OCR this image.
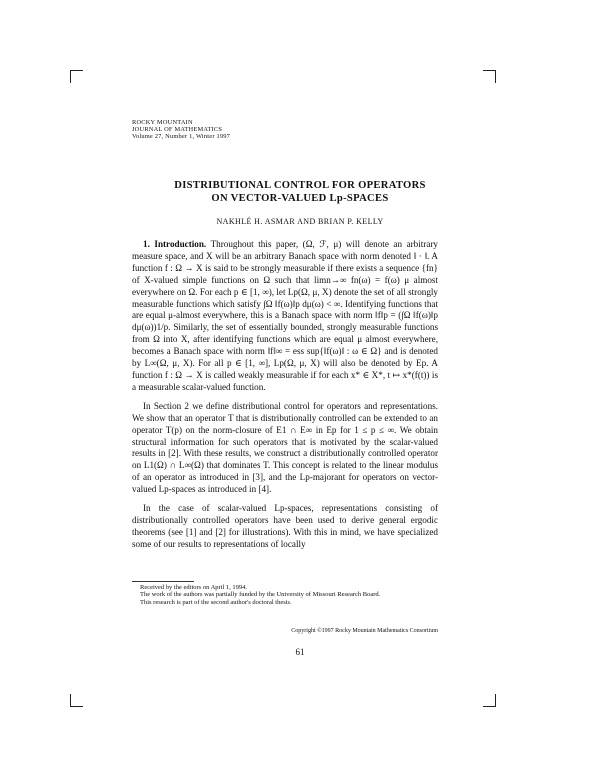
ROCKY MOUNTAIN
JOURNAL OF MATHEMATICS
Volume 27, Number 1, Winter 1997
DISTRIBUTIONAL CONTROL FOR OPERATORS
ON VECTOR-VALUED Lp-SPACES
NAKHLÉ H. ASMAR AND BRIAN P. KELLY

1. Introduction. Throughout this paper, (Ω, ℱ, μ) will denote an arbitrary measure space, and X will be an arbitrary Banach space with norm denoted ‖ · ‖. A function f : Ω → X is said to be strongly measurable if there exists a sequence {fn} of X-valued simple functions on Ω such that limn→∞ fn(ω) = f(ω) μ almost everywhere on Ω. For each p ∈ [1, ∞), let Lp(Ω, μ, X) denote the set of all strongly measurable functions which satisfy ∫Ω ‖f(ω)‖p dμ(ω) < ∞. Identifying functions that are equal μ-almost everywhere, this is a Banach space with norm ‖f‖p = (∫Ω ‖f(ω)‖p dμ(ω))1/p. Similarly, the set of essentially bounded, strongly measurable functions from Ω into X, after identifying functions which are equal μ almost everywhere, becomes a Banach space with norm ‖f‖∞ = ess sup{‖f(ω)‖ : ω ∈ Ω} and is denoted by L∞(Ω, μ, X). For all p ∈ [1, ∞], Lp(Ω, μ, X) will also be denoted by Ep. A function f : Ω → X is called weakly measurable if for each x* ∈ X*, t ↦ x*(f(t)) is a measurable scalar-valued function.

In Section 2 we define distributional control for operators and representations. We show that an operator T that is distributionally controlled can be extended to an operator T(p) on the norm-closure of E1 ∩ E∞ in Ep for 1 ≤ p ≤ ∞. We obtain structural information for such operators that is motivated by the scalar-valued results in [2]. With these results, we construct a distributionally controlled operator on L1(Ω) ∩ L∞(Ω) that dominates T. This concept is related to the linear modulus of an operator as introduced in [3], and the Lp-majorant for operators on vector-valued Lp-spaces as introduced in [4].

In the case of scalar-valued Lp-spaces, representations consisting of distributionally controlled operators have been used to derive general ergodic theorems (see [1] and [2] for illustrations). With this in mind, we have specialized some of our results to representations of locally

Received by the editors on April 1, 1994.
The work of the authors was partially funded by the University of Missouri Research Board.
This research is part of the second author's doctoral thesis.
Copyright ©1997 Rocky Mountain Mathematics Consortium
61
